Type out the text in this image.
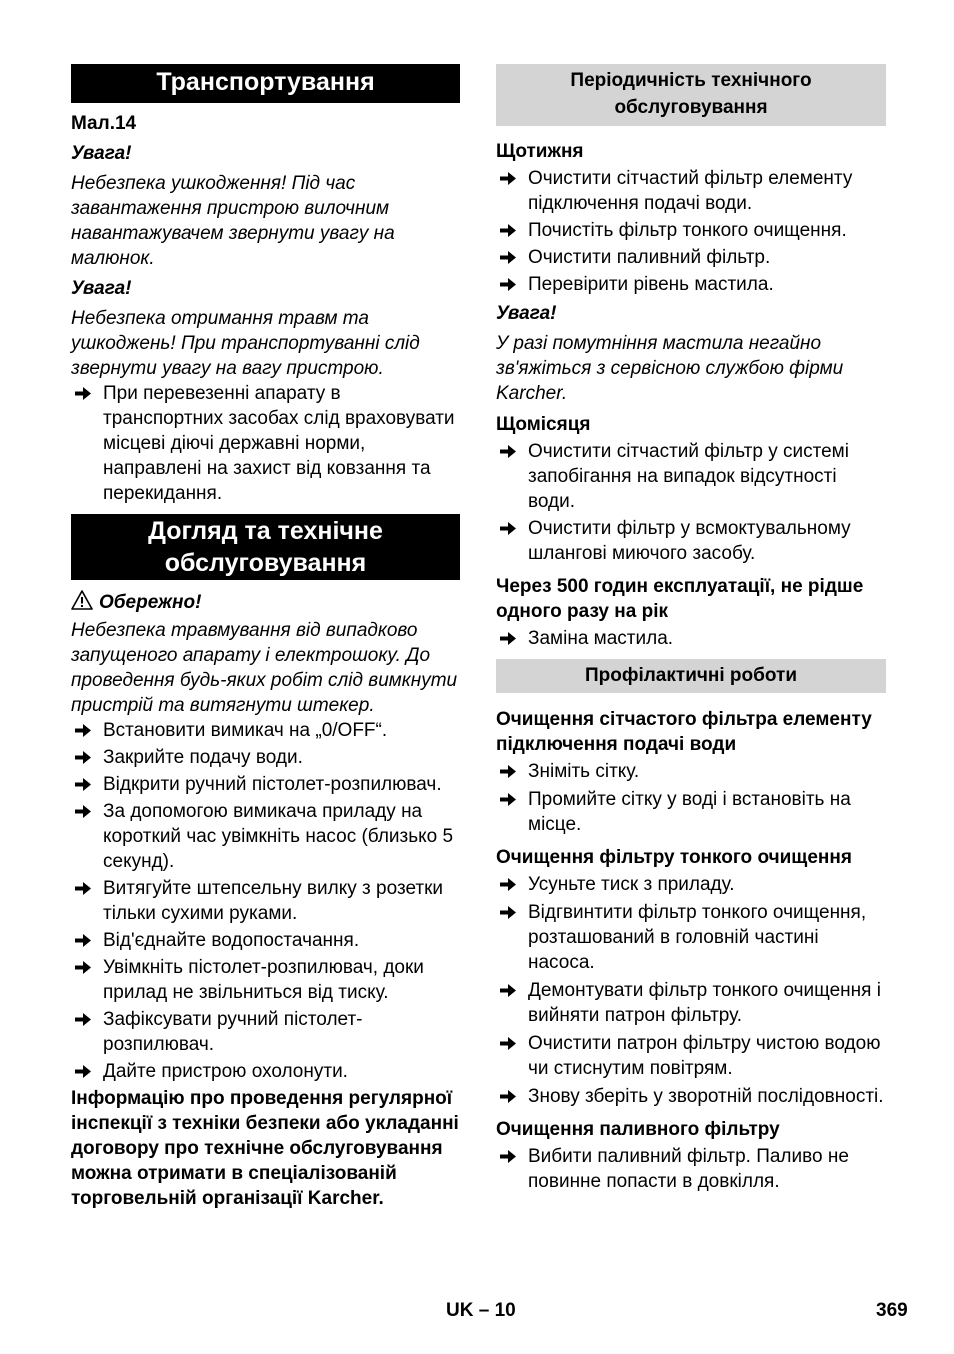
Транспортування

Мал.14

Увага!

Небезпека ушкодження! Під час завантаження пристрою вилочним навантажувачем звернути увагу на малюнок.

Увага!

Небезпека отримання травм та ушкоджень! При транспортуванні слід звернути увагу на вагу пристрою.

При перевезенні апарату в транспортних засобах слід враховувати місцеві діючі державні норми, направлені на захист від ковзання та перекидання.
Догляд та технічне
обслуговування

Обережно!

Небезпека травмування від випадково запущеного апарату і електрошоку. До проведення будь-яких робіт слід вимкнути пристрій та витягнути штекер.

Встановити вимикач на „0/OFF“.
Закрийте подачу води.
Відкрити ручний пістолет-розпилювач.
За допомогою вимикача приладу на короткий час увімкніть насос (близько 5 секунд).
Витягуйте штепсельну вилку з розетки тільки сухими руками.
Від'єднайте водопостачання.
Увімкніть пістолет-розпилювач, доки прилад не звільниться від тиску.
Зафіксувати ручний пістолет-розпилювач.
Дайте пристрою охолонути.

Інформацію про проведення регулярної інспекції з техніки безпеки або укладанні договору про технічне обслуговування можна отримати в спеціалізованій торговельній організації Karcher.

Періодичність технічного
обслуговування

Щотижня

Очистити сітчастий фільтр елементу підключення подачі води.
Почистіть фільтр тонкого очищення.
Очистити паливний фільтр.
Перевірити рівень мастила.

Увага!

У разі помутніння мастила негайно зв'яжіться з сервісною службою фірми Karcher.

Щомісяця

Очистити сітчастий фільтр у системі запобігання на випадок відсутності води.
Очистити фільтр у всмоктувальному шлангові миючого засобу.

Через 500 годин експлуатації, не рідше одного разу на рік

Заміна мастила.
Профілактичні роботи

Очищення сітчастого фільтра елементу підключення подачі води

Зніміть сітку.
Промийте сітку у воді і встановіть на місце.

Очищення фільтру тонкого очищення

Усуньте тиск з приладу.
Відгвинтити фільтр тонкого очищення, розташований в головній частині насоса.
Демонтувати фільтр тонкого очищення і вийняти патрон фільтру.
Очистити патрон фільтру чистою водою чи стиснутим повітрям.
Знову зберіть у зворотній послідовності.

Очищення паливного фільтру

Вибити паливний фільтр. Паливо не повинне попасти в довкілля.
UK – 10	369
